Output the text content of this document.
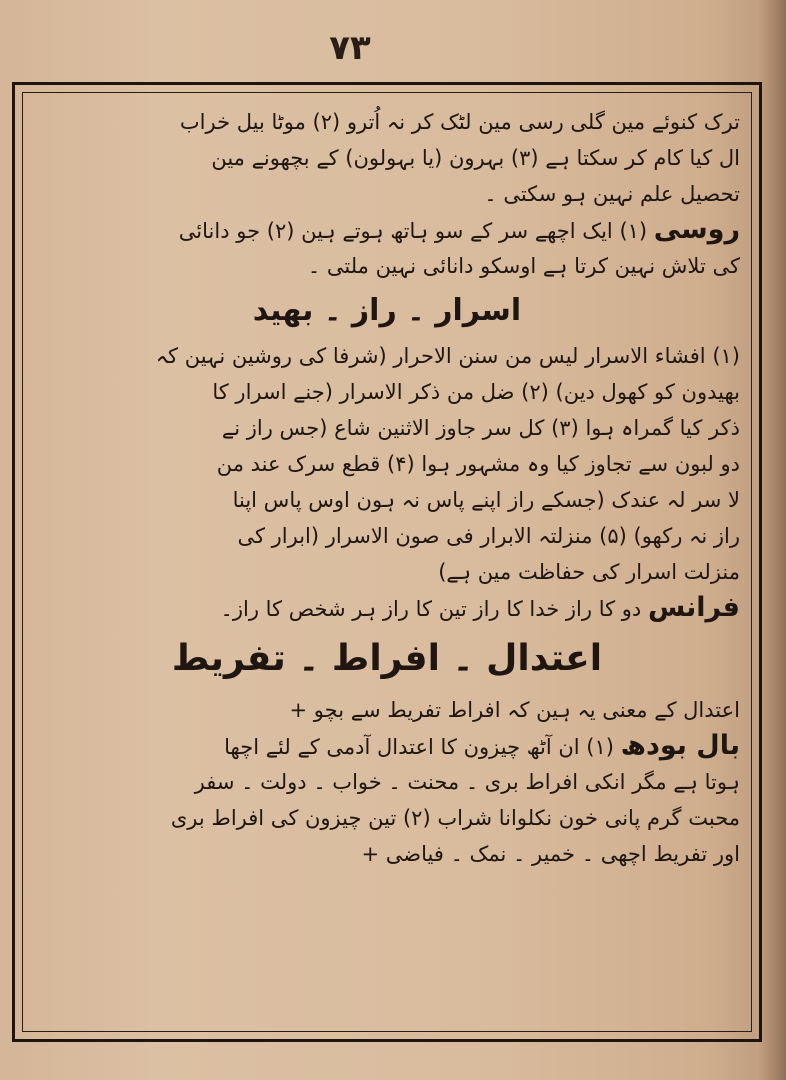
۷۳
ترک کنوئے مین گلی رسی مین لٹک کر نہ اُترو (۲) موٹا بیل خراب
ال کیا کام کر سکتا ہے (۳) بہرون (یا بہولون) کے بچھونے مین
تحصیل علم نہین ہو سکتی ۔
روسی (۱) ایک اچھے سر کے سو ہاتھ ہوتے ہین (۲) جو دانائی
کی تلاش نہین کرتا ہے اوسکو دانائی نہین ملتی ۔
اسرار ۔ راز ۔ بھید
(۱) افشاء الاسرار لیس من سنن الاحرار (شرفا کی روشین نہین کہ
بھیدون کو کھول دین) (۲) ضل من ذکر الاسرار (جنے اسرار کا
ذکر کیا گمراہ ہوا (۳) کل سر جاوز الاثنین شاع (جس راز نے
دو لبون سے تجاوز کیا وہ مشہور ہوا (۴) قطع سرک عند من
لا سر لہ عندک (جسکے راز اپنے پاس نہ ہون اوس پاس اپنا
راز نہ رکھو) (۵) منزلتہ الابرار فی صون الاسرار (ابرار کی
منزلت اسرار کی حفاظت مین ہے)
فرانس دو کا راز خدا کا راز تین کا راز ہر شخص کا راز۔
اعتدال ۔ افراط ۔ تفریط
اعتدال کے معنی یہ ہین کہ افراط تفریط سے بچو +
بال بودھ (۱) ان آٹھ چیزون کا اعتدال آدمی کے لئے اچھا
ہوتا ہے مگر انکی افراط بری ۔ محنت ۔ خواب ۔ دولت ۔ سفر
محبت گرم پانی خون نکلوانا شراب (۲) تین چیزون کی افراط بری
اور تفریط اچھی ۔ خمیر ۔ نمک ۔ فیاضی +
